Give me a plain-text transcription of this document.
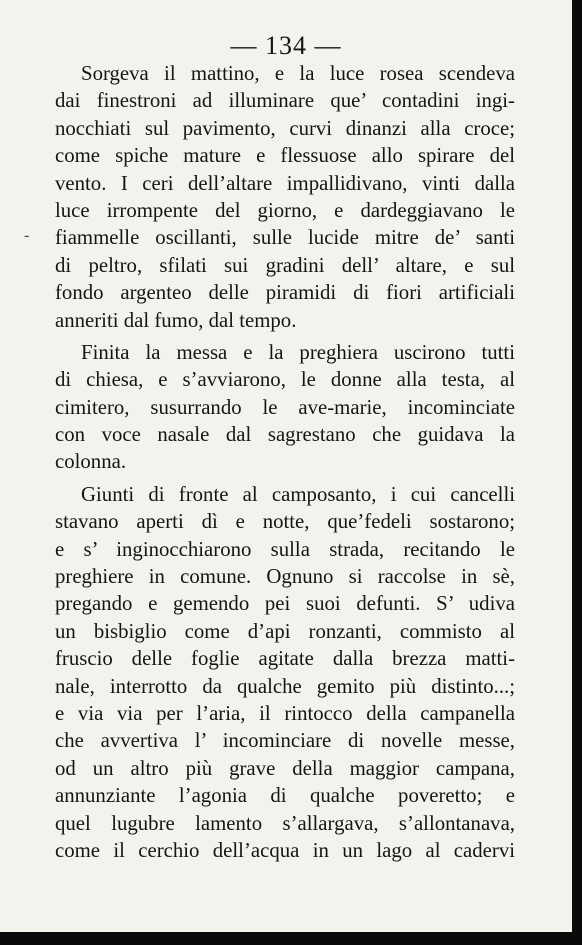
— 134 —
-

Sorgeva il mattino, e la luce rosea scendeva
dai finestroni ad illuminare que’ contadini ingi-
nocchiati sul pavimento, curvi dinanzi alla croce;
come spiche mature e flessuose allo spirare del
vento. I ceri dell’altare impallidivano, vinti dalla
luce irrompente del giorno, e dardeggiavano le
fiammelle oscillanti, sulle lucide mitre de’ santi
di peltro, sfilati sui gradini dell’ altare, e sul
fondo argenteo delle piramidi di fiori artificiali
anneriti dal fumo, dal tempo.

Finita la messa e la preghiera uscirono tutti
di chiesa, e s’avviarono, le donne alla testa, al
cimitero, susurrando le ave-marie, incominciate
con voce nasale dal sagrestano che guidava la
colonna.

Giunti di fronte al camposanto, i cui cancelli
stavano aperti dì e notte, que’fedeli sostarono;
e s’ inginocchiarono sulla strada, recitando le
preghiere in comune. Ognuno si raccolse in sè,
pregando e gemendo pei suoi defunti. S’ udiva
un bisbiglio come d’api ronzanti, commisto al
fruscio delle foglie agitate dalla brezza matti-
nale, interrotto da qualche gemito più distinto...;
e via via per l’aria, il rintocco della campanella
che avvertiva l’ incominciare di novelle messe,
od un altro più grave della maggior campana,
annunziante l’agonia di qualche poveretto; e
quel lugubre lamento s’allargava, s’allontanava,
come il cerchio dell’acqua in un lago al cadervi
